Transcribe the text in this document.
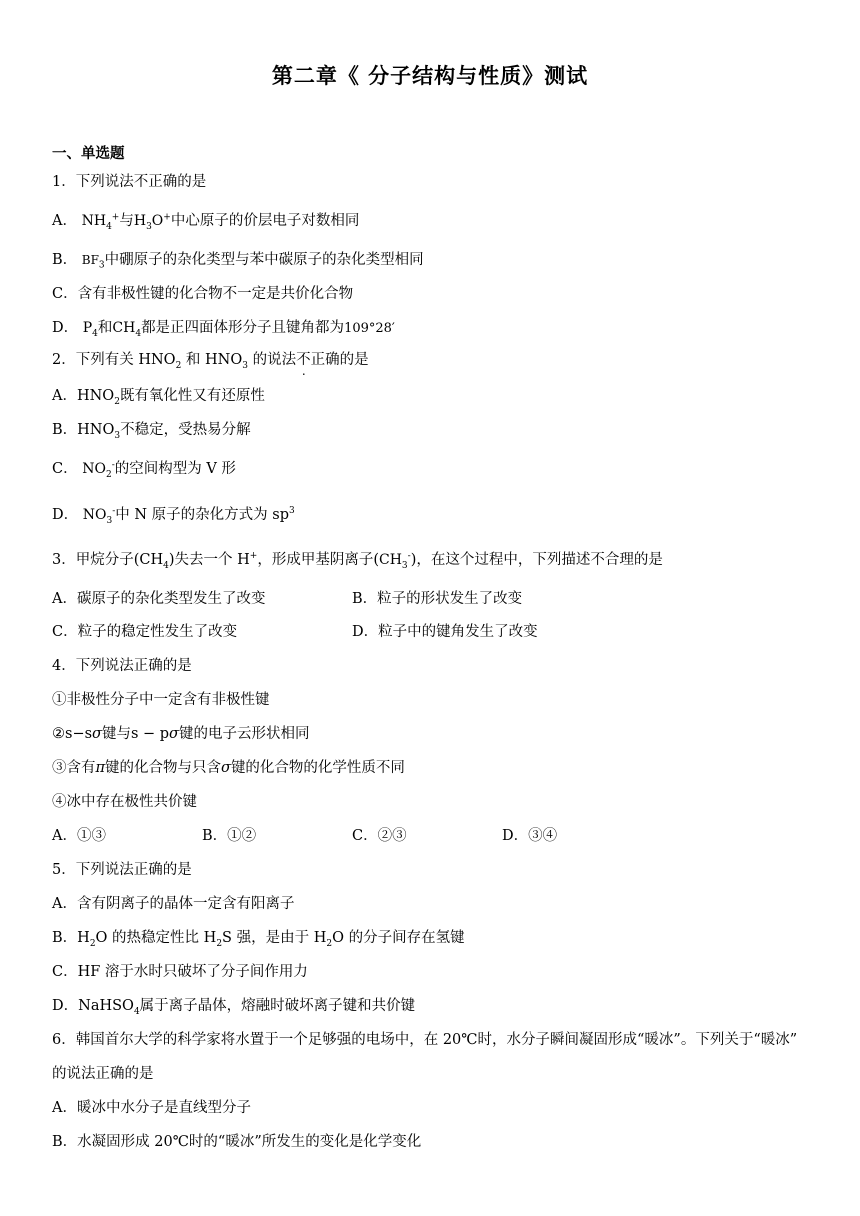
第二章《 分子结构与性质》测试
一、单选题
1．下列说法不正确的是
A． $NH_4^+$与$H_3O^+$中心原子的价层电子对数相同
B． $BF_3$中硼原子的杂化类型与苯中碳原子的杂化类型相同
C．含有非极性键的化合物不一定是共价化合物
D． $P_4$和$CH_4$都是正四面体形分子且键角都为109°28′
2．下列有关 $HNO_2$ 和 $HNO_3$ 的说法不正确的是
A．$HNO_2$既有氧化性又有还原性
B．$HNO_3$不稳定，受热易分解
C． $NO_2^-$的空间构型为 V 形
D． $NO_3^-$中 N 原子的杂化方式为 $sp^3$
3．甲烷分子$(CH_4)$失去一个 H+，形成甲基阴离子$(CH_3^-)$，在这个过程中，下列描述不合理的是
A．碳原子的杂化类型发生了改变	B．粒子的形状发生了改变
C．粒子的稳定性发生了改变	D．粒子中的键角发生了改变
4．下列说法正确的是
①非极性分子中一定含有非极性键
②s−sσ键与s − pσ键的电子云形状相同
③含有π键的化合物与只含σ键的化合物的化学性质不同
④冰中存在极性共价键
A．①③	B．①②	C．②③	D．③④
5．下列说法正确的是
A．含有阴离子的晶体一定含有阳离子
B．$H_2O$ 的热稳定性比 $H_2S$ 强，是由于 $H_2O$ 的分子间存在氢键
C．HF 溶于水时只破坏了分子间作用力
D．NaHSO$_4$属于离子晶体，熔融时破坏离子键和共价键
6．韩国首尔大学的科学家将水置于一个足够强的电场中，在 20℃时，水分子瞬间凝固形成“暖冰”。下列关于“暖冰”
的说法正确的是
A．暖冰中水分子是直线型分子
B．水凝固形成 20℃时的“暖冰”所发生的变化是化学变化
